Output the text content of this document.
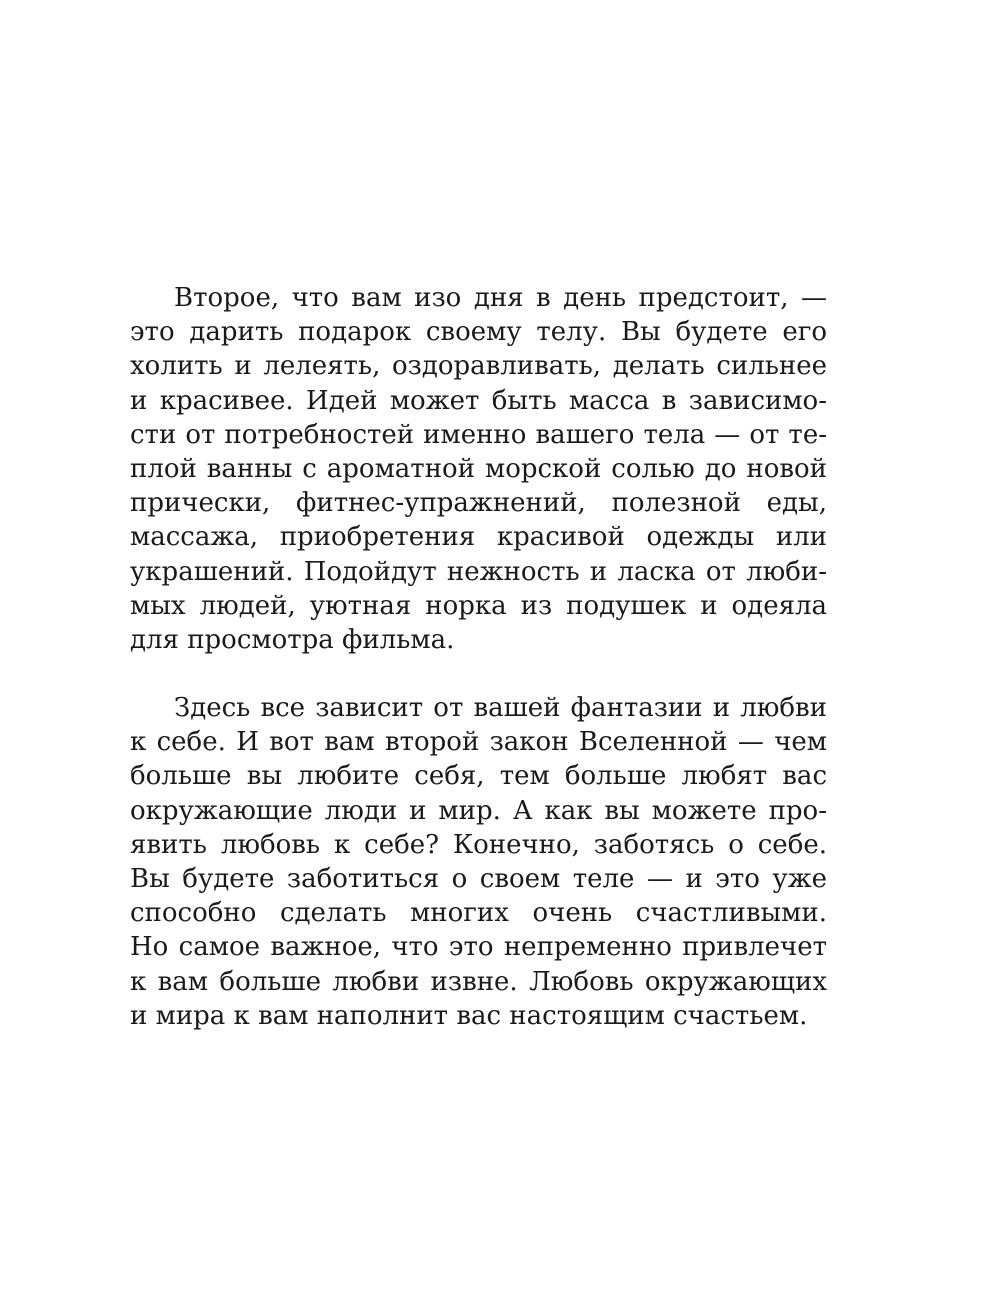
Второе, что вам изо дня в день предстоит, —
это дарить подарок своему телу. Вы будете его
холить и лелеять, оздоравливать, делать сильнее
и красивее. Идей может быть масса в зависимо-
сти от потребностей именно вашего тела — от те-
плой ванны с ароматной морской солью до новой
прически, фитнес-упражнений, полезной еды,
массажа, приобретения красивой одежды или
украшений. Подойдут нежность и ласка от люби-
мых людей, уютная норка из подушек и одеяла
для просмотра фильма.

Здесь все зависит от вашей фантазии и любви
к себе. И вот вам второй закон Вселенной — чем
больше вы любите себя, тем больше любят вас
окружающие люди и мир. А как вы можете про-
явить любовь к себе? Конечно, заботясь о себе.
Вы будете заботиться о своем теле — и это уже
способно сделать многих очень счастливыми.
Но самое важное, что это непременно привлечет
к вам больше любви извне. Любовь окружающих
и мира к вам наполнит вас настоящим счастьем.
